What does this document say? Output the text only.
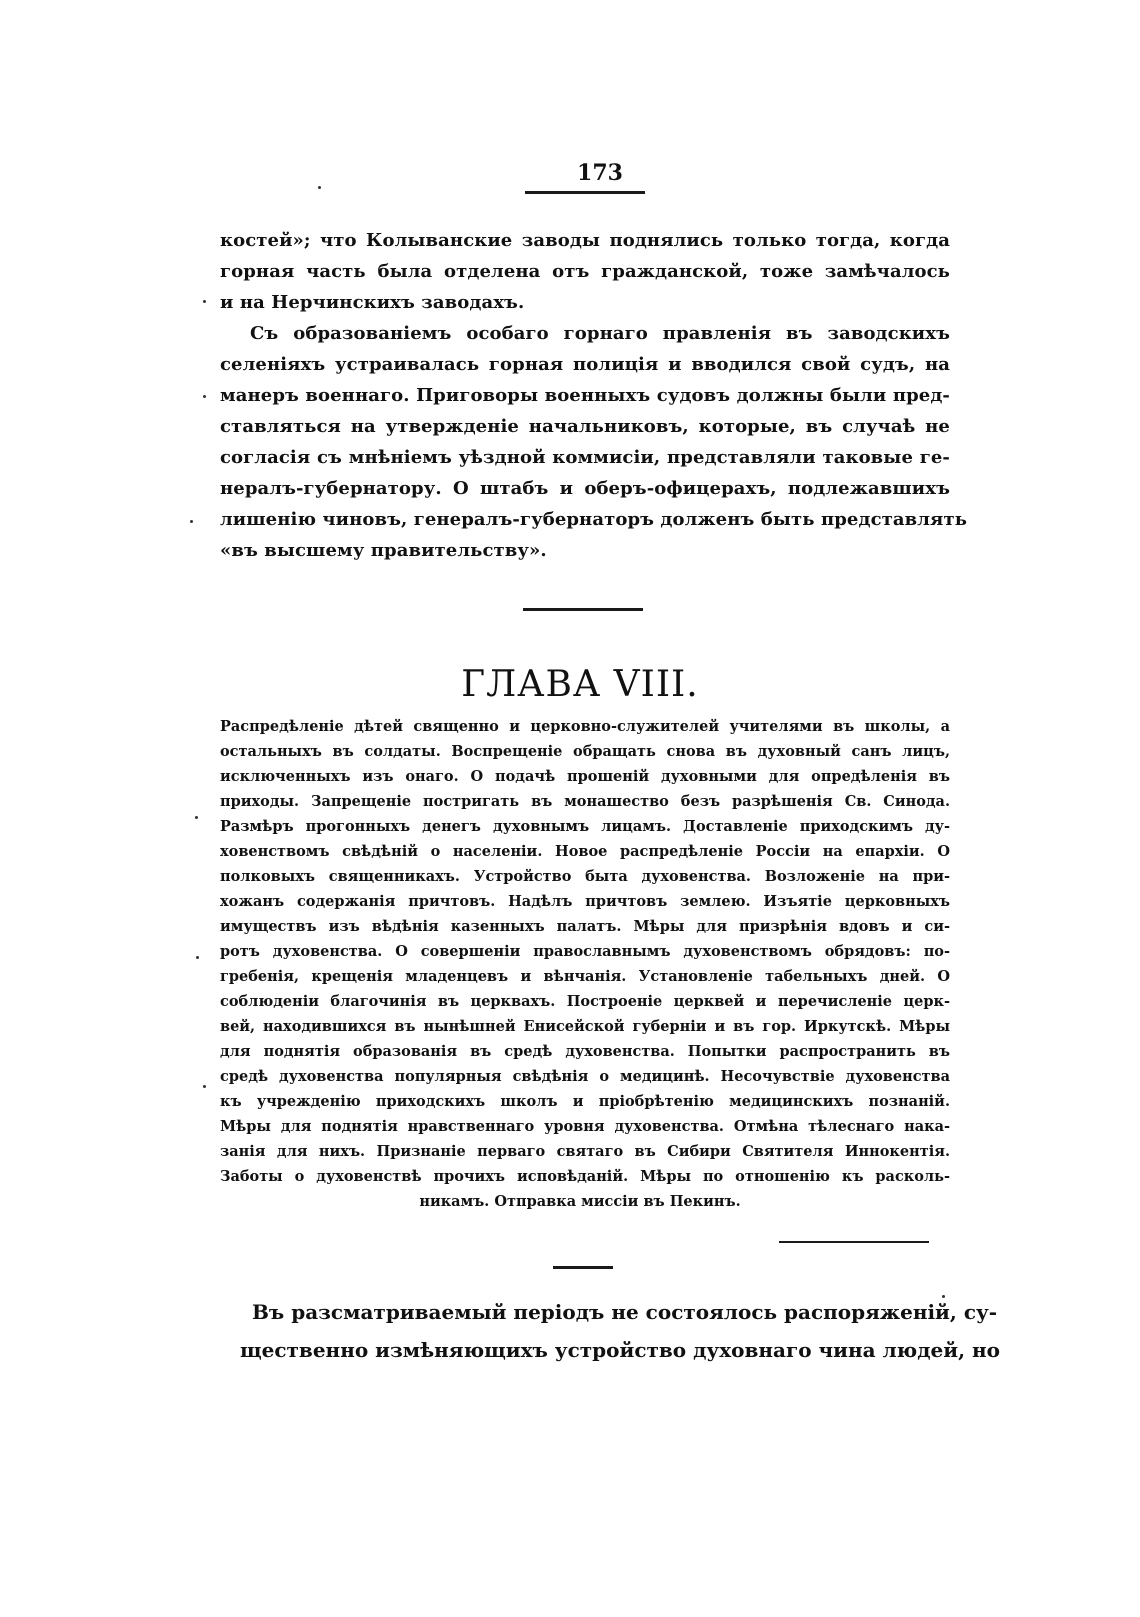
173
костей»; что Колыванские заводы поднялись только тогда, когда
горная часть была отделена отъ гражданской, тоже замѣчалось
и на Нерчинскихъ заводахъ.
Съ образованіемъ особаго горнаго правленія въ заводскихъ
селеніяхъ устраивалась горная полиція и вводился свой судъ, на
манеръ военнаго. Приговоры военныхъ судовъ должны были пред-
ставляться на утвержденіе начальниковъ, которые, въ случаѣ не
согласія съ мнѣніемъ уѣздной коммисіи, представляли таковые ге-
нералъ-губернатору. О штабъ и оберъ-офицерахъ, подлежавшихъ
лишенію чиновъ, генералъ-губернаторъ долженъ быть представлять
«въ высшему правительству».
ГЛАВА VIII.
Распредѣленіе дѣтей священно и церковно-служителей учителями въ школы, а
остальныхъ въ солдаты. Воспрещеніе обращать снова въ духовный санъ лицъ,
исключенныхъ изъ онаго. О подачѣ прошеній духовными для опредѣленія въ
приходы. Запрещеніе постригать въ монашество безъ разрѣшенія Св. Синода.
Размѣръ прогонныхъ денегъ духовнымъ лицамъ. Доставленіе приходскимъ ду-
ховенствомъ свѣдѣній о населеніи. Новое распредѣленіе Россіи на епархіи. О
полковыхъ священникахъ. Устройство быта духовенства. Возложеніе на при-
хожанъ содержанія причтовъ. Надѣлъ причтовъ землею. Изъятіе церковныхъ
имуществъ изъ вѣдѣнія казенныхъ палатъ. Мѣры для призрѣнія вдовъ и си-
ротъ духовенства. О совершеніи православнымъ духовенствомъ обрядовъ: по-
гребенія, крещенія младенцевъ и вѣнчанія. Установленіе табельныхъ дней. О
соблюденіи благочинія въ церквахъ. Построеніе церквей и перечисленіе церк-
вей, находившихся въ нынѣшней Енисейской губерніи и въ гор. Иркутскѣ. Мѣры
для поднятія образованія въ средѣ духовенства. Попытки распространить въ
средѣ духовенства популярныя свѣдѣнія о медицинѣ. Несочувствіе духовенства
къ учрежденію приходскихъ школъ и пріобрѣтенію медицинскихъ познаній.
Мѣры для поднятія нравственнаго уровня духовенства. Отмѣна тѣлеснаго нака-
занія для нихъ. Признаніе перваго святаго въ Сибири Святителя Иннокентія.
Заботы о духовенствѣ прочихъ исповѣданій. Мѣры по отношенію къ расколь-
никамъ. Отправка миссіи въ Пекинъ.
Въ разсматриваемый періодъ не состоялось распоряженій, су-
щественно измѣняющихъ устройство духовнаго чина людей, но
